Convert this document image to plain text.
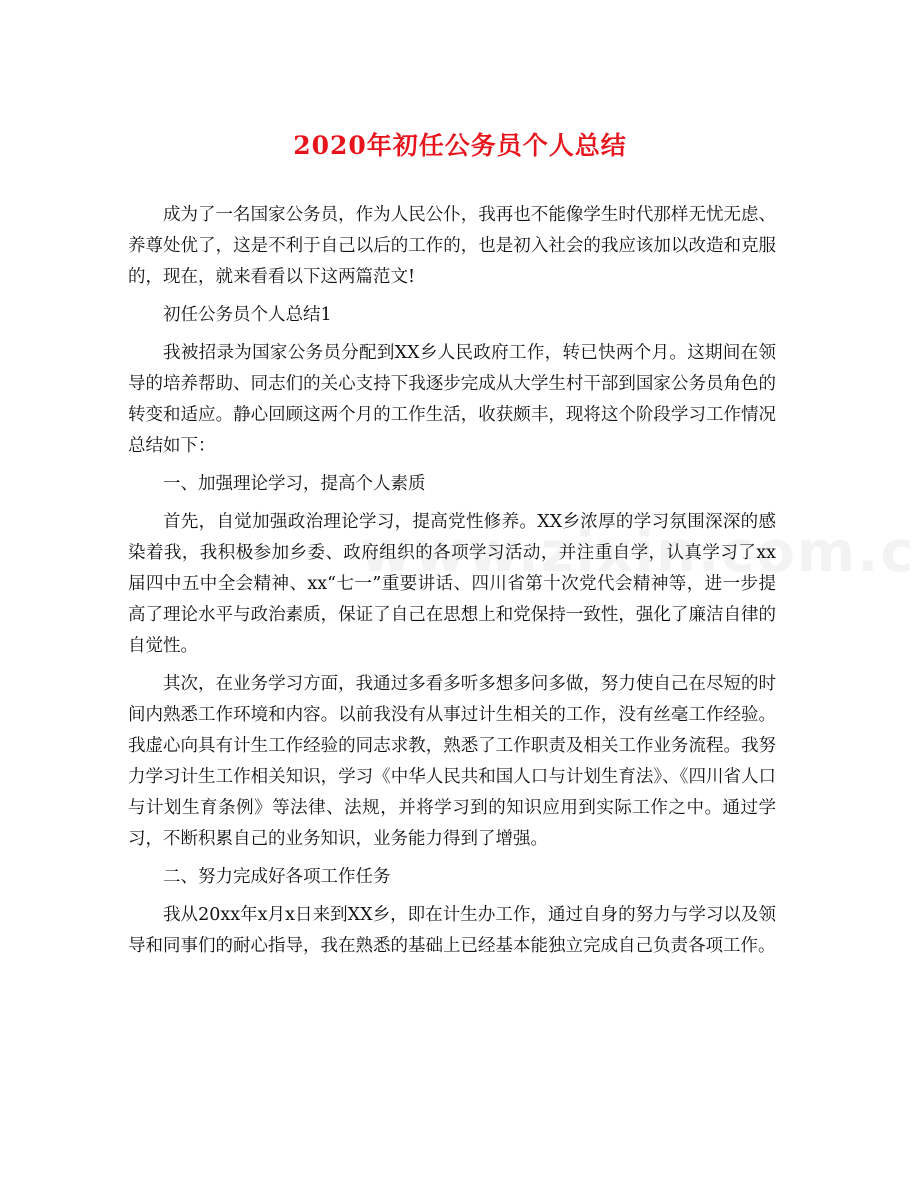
2020年初任公务员个人总结

成为了一名国家公务员，作为人民公仆，我再也不能像学生时代那样无忧无虑、养尊处优了，这是不利于自己以后的工作的，也是初入社会的我应该加以改造和克服的，现在，就来看看以下这两篇范文!

初任公务员个人总结1

我被招录为国家公务员分配到XX乡人民政府工作，转已快两个月。这期间在领导的培养帮助、同志们的关心支持下我逐步完成从大学生村干部到国家公务员角色的转变和适应。静心回顾这两个月的工作生活，收获颇丰，现将这个阶段学习工作情况总结如下：

一、加强理论学习，提高个人素质

首先，自觉加强政治理论学习，提高党性修养。XX乡浓厚的学习氛围深深的感染着我，我积极参加乡委、政府组织的各项学习活动，并注重自学，认真学习了xx届四中五中全会精神、xx“七一”重要讲话、四川省第十次党代会精神等，进一步提高了理论水平与政治素质，保证了自己在思想上和党保持一致性，强化了廉洁自律的自觉性。

其次，在业务学习方面，我通过多看多听多想多问多做，努力使自己在尽短的时间内熟悉工作环境和内容。以前我没有从事过计生相关的工作，没有丝毫工作经验。我虚心向具有计生工作经验的同志求教，熟悉了工作职责及相关工作业务流程。我努力学习计生工作相关知识，学习《中华人民共和国人口与计划生育法》、《四川省人口与计划生育条例》等法律、法规，并将学习到的知识应用到实际工作之中。通过学习，不断积累自己的业务知识，业务能力得到了增强。

二、努力完成好各项工作任务

我从20xx年x月x日来到XX乡，即在计生办工作，通过自身的努力与学习以及领导和同事们的耐心指导，我在熟悉的基础上已经基本能独立完成自己负责各项工作。
